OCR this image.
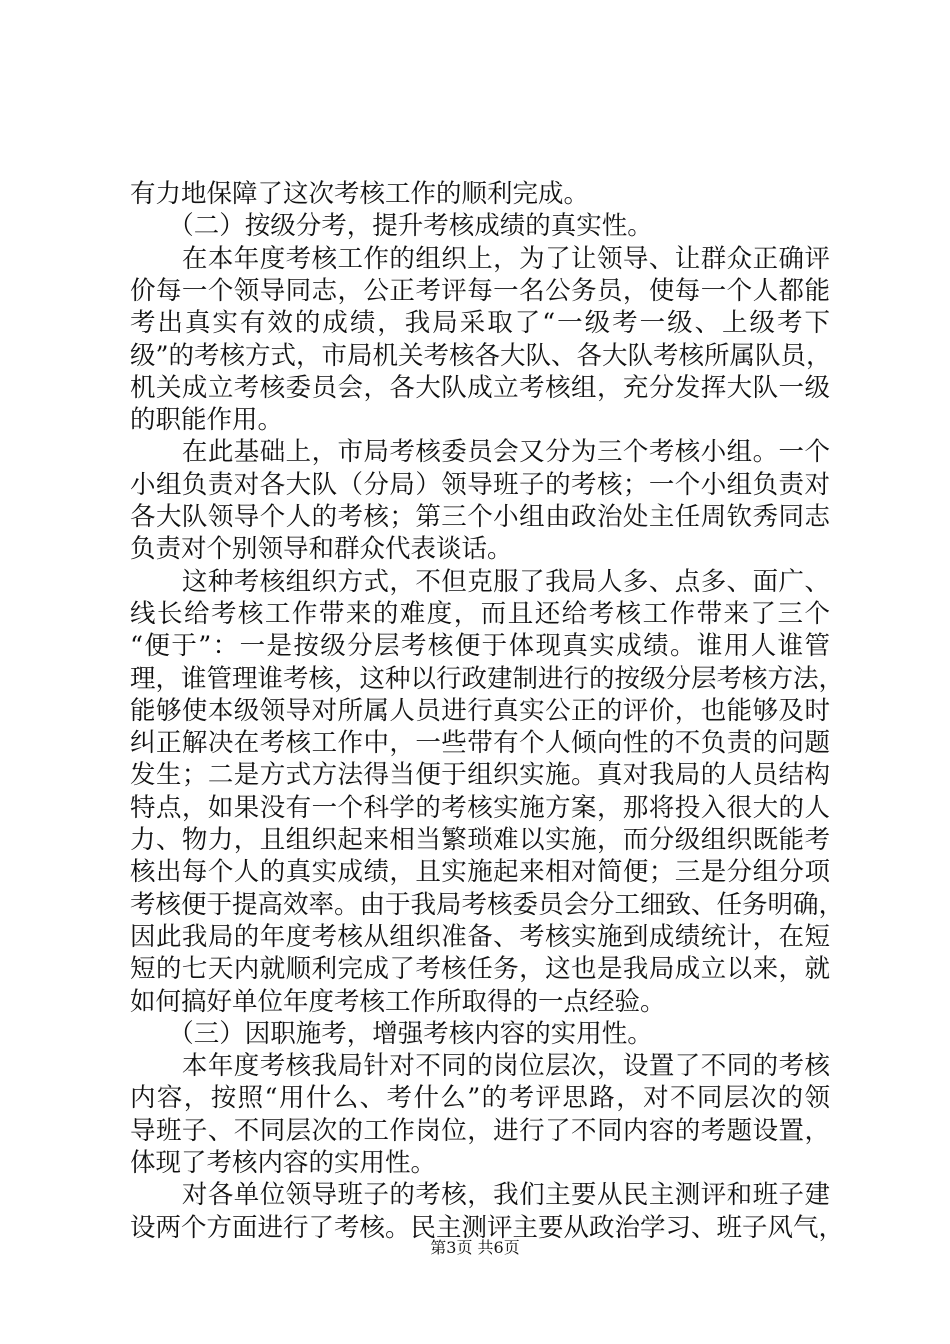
有力地保障了这次考核工作的顺利完成。
　　（二）按级分考，提升考核成绩的真实性。
　　在本年度考核工作的组织上，为了让领导、让群众正确评
价每一个领导同志，公正考评每一名公务员，使每一个人都能
考出真实有效的成绩，我局采取了“一级考一级、上级考下
级”的考核方式，市局机关考核各大队、各大队考核所属队员，
机关成立考核委员会，各大队成立考核组，充分发挥大队一级
的职能作用。
　　在此基础上，市局考核委员会又分为三个考核小组。一个
小组负责对各大队（分局）领导班子的考核；一个小组负责对
各大队领导个人的考核；第三个小组由政治处主任周钦秀同志
负责对个别领导和群众代表谈话。
　　这种考核组织方式，不但克服了我局人多、点多、面广、
线长给考核工作带来的难度，而且还给考核工作带来了三个
“便于”：一是按级分层考核便于体现真实成绩。谁用人谁管
理，谁管理谁考核，这种以行政建制进行的按级分层考核方法，
能够使本级领导对所属人员进行真实公正的评价，也能够及时
纠正解决在考核工作中，一些带有个人倾向性的不负责的问题
发生；二是方式方法得当便于组织实施。真对我局的人员结构
特点，如果没有一个科学的考核实施方案，那将投入很大的人
力、物力，且组织起来相当繁琐难以实施，而分级组织既能考
核出每个人的真实成绩，且实施起来相对简便；三是分组分项
考核便于提高效率。由于我局考核委员会分工细致、任务明确，
因此我局的年度考核从组织准备、考核实施到成绩统计，在短
短的七天内就顺利完成了考核任务，这也是我局成立以来，就
如何搞好单位年度考核工作所取得的一点经验。
　　（三）因职施考，增强考核内容的实用性。
　　本年度考核我局针对不同的岗位层次，设置了不同的考核
内容，按照“用什么、考什么”的考评思路，对不同层次的领
导班子、不同层次的工作岗位，进行了不同内容的考题设置，
体现了考核内容的实用性。
　　对各单位领导班子的考核，我们主要从民主测评和班子建
设两个方面进行了考核。民主测评主要从政治学习、班子风气，
第3页 共6页
